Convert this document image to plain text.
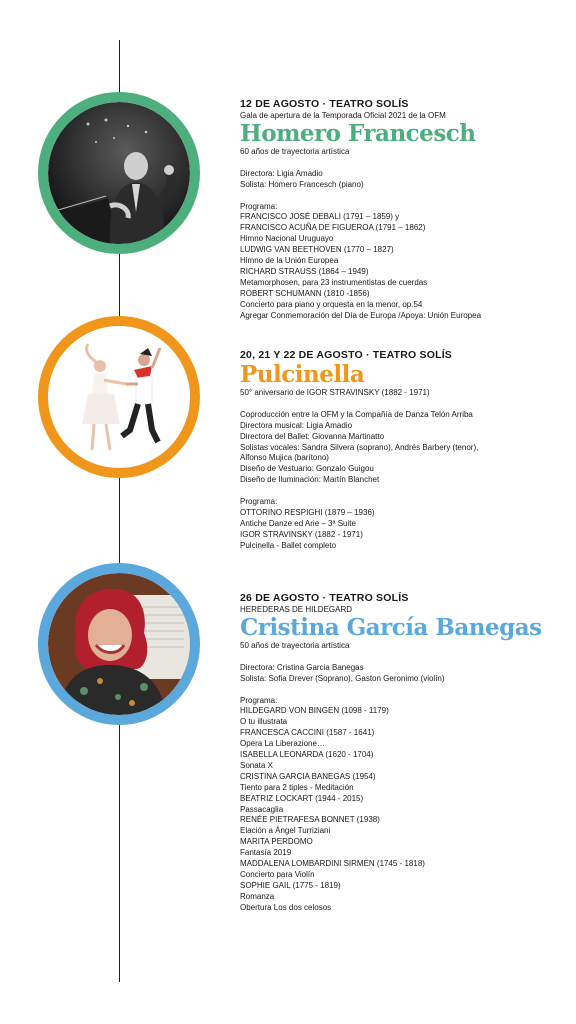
12 DE AGOSTO · TEATRO SOLÍS
Gala de apertura de la Temporada Oficial 2021 de la OFM
Homero Francesch
60 años de trayectoria artística
Directora: Ligia Amadio
Solista: Homero Francesch (piano)
Programa:
FRANCISCO JOSÉ DEBALI (1791 – 1859) y
FRANCISCO ACUÑA DE FIGUEROA (1791 – 1862)
Himno Nacional Uruguayo
LUDWIG VAN BEETHOVEN (1770 – 1827)
Himno de la Unión Europea
RICHARD STRAUSS (1864 – 1949)
Metamorphosen, para 23 instrumentistas de cuerdas
ROBERT SCHUMANN (1810 -1856)
Concierto para piano y orquesta en la menor, op.54
Agregar Conmemoración del Día de Europa /Apoya: Unión Europea
20, 21 Y 22 DE AGOSTO · TEATRO SOLÍS
Pulcinella
50° aniversario de IGOR STRAVINSKY (1882 - 1971)
Coproducción entre la OFM y la Compañía de Danza Telón Arriba
Directora musical: Ligia Amadio
Directora del Ballet: Giovanna Martinatto
Solistas vocales: Sandra Silvera (soprano), Andrés Barbery (tenor),
Alfonso Mujica (barítono)
Diseño de Vestuario: Gonzalo Guigou
Diseño de Iluminación: Martín Blanchet
Programa:
OTTORINO RESPIGHI (1879 – 1936)
Antiche Danze ed Arie – 3ª Suite
IGOR STRAVINSKY (1882 - 1971)
Pulcinella - Ballet completo
26 DE AGOSTO · TEATRO SOLÍS
HEREDERAS DE HILDEGARD
Cristina García Banegas
50 años de trayectoria artística
Directora: Cristina Garcia Banegas
Solista: Sofia Drever (Soprano), Gaston Geronimo (violín)
Programa:
HILDEGARD VON BINGEN (1098 - 1179)
O tu illustrata
FRANCESCA CACCINI (1587 - 1641)
Opera La Liberazione…
ISABELLA LEONARDA (1620 - 1704)
Sonata X
CRISTINA GARCIA BANEGAS (1954)
Tiento para 2 tiples - Meditación
BEATRIZ LOCKART (1944 - 2015)
Passacaglia
RENÉE PIETRAFESA BONNET (1938)
Elación a Ángel Turriziani
MARITA PERDOMO
Fantasía 2019
MADDALENA LOMBARDINI SIRMEN (1745 - 1818)
Concierto para Violín
SOPHIE GAIL (1775 - 1819)
Romanza
Obertura Los dos celosos
